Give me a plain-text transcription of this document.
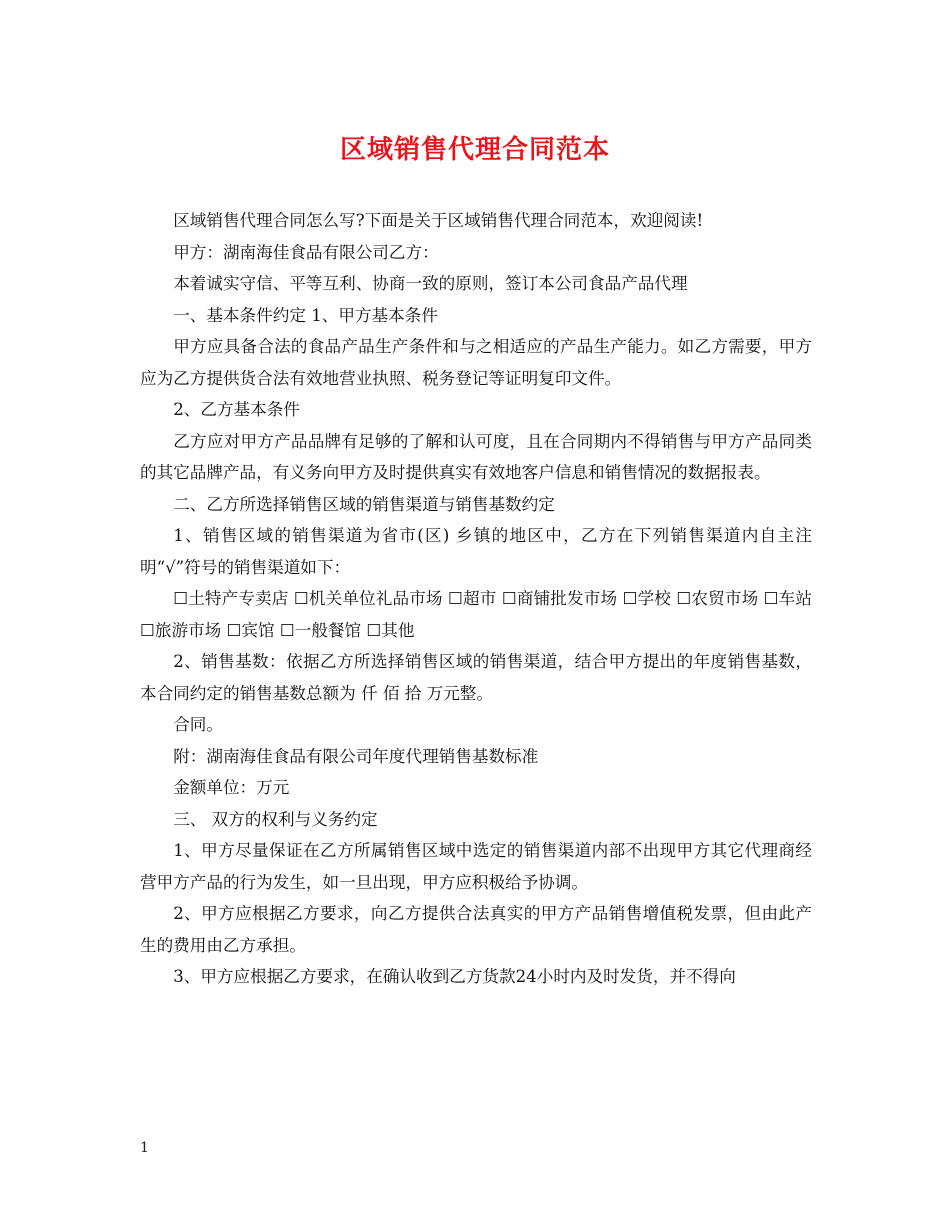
区域销售代理合同范本

区域销售代理合同怎么写?下面是关于区域销售代理合同范本，欢迎阅读!

甲方：湖南海佳食品有限公司乙方：

本着诚实守信、平等互利、协商一致的原则，签订本公司食品产品代理

一、基本条件约定 1、甲方基本条件

甲方应具备合法的食品产品生产条件和与之相适应的产品生产能力。如乙方需要，甲方应为乙方提供货合法有效地营业执照、税务登记等证明复印文件。

2、乙方基本条件

乙方应对甲方产品品牌有足够的了解和认可度，且在合同期内不得销售与甲方产品同类的其它品牌产品，有义务向甲方及时提供真实有效地客户信息和销售情况的数据报表。

二、乙方所选择销售区域的销售渠道与销售基数约定

1、销售区域的销售渠道为省市(区) 乡镇的地区中，乙方在下列销售渠道内自主注明“√”符号的销售渠道如下：

☐土特产专卖店 ☐机关单位礼品市场 ☐超市 ☐商铺批发市场 ☐学校 ☐农贸市场 ☐车站 ☐旅游市场 ☐宾馆 ☐一般餐馆 ☐其他

2、销售基数：依据乙方所选择销售区域的销售渠道，结合甲方提出的年度销售基数，本合同约定的销售基数总额为 仟 佰 拾 万元整。

合同。

附：湖南海佳食品有限公司年度代理销售基数标准

金额单位：万元

三、 双方的权利与义务约定

1、甲方尽量保证在乙方所属销售区域中选定的销售渠道内部不出现甲方其它代理商经营甲方产品的行为发生，如一旦出现，甲方应积极给予协调。

2、甲方应根据乙方要求，向乙方提供合法真实的甲方产品销售增值税发票，但由此产生的费用由乙方承担。

3、甲方应根据乙方要求，在确认收到乙方货款24小时内及时发货，并不得向

1
